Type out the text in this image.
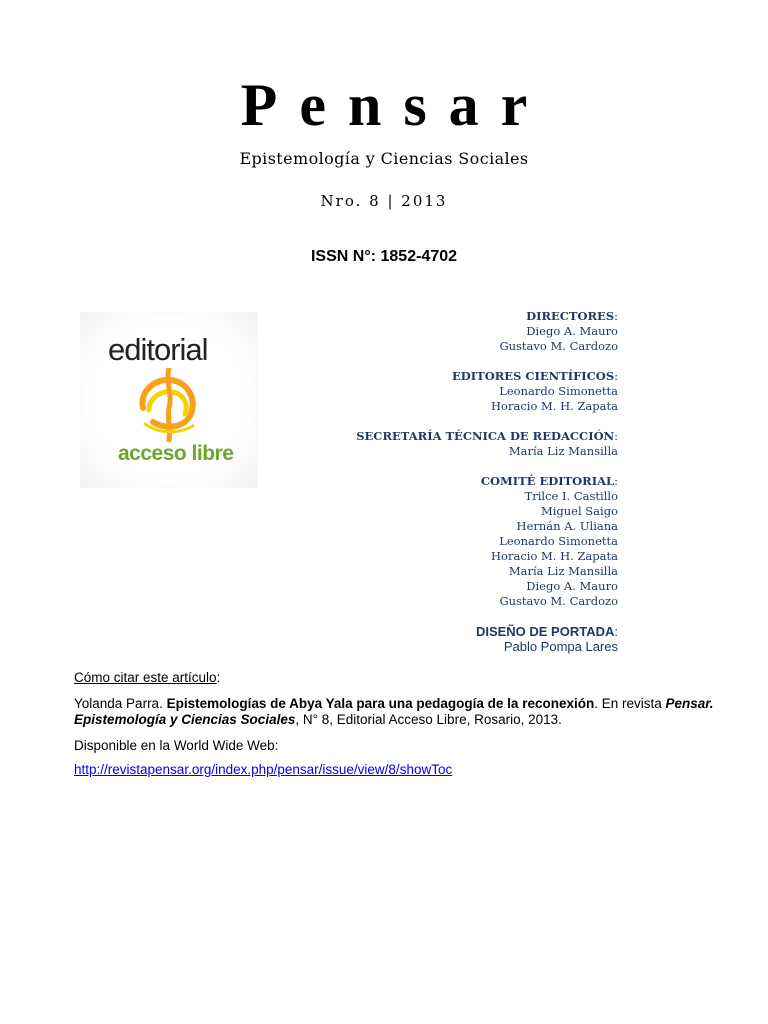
Pensar
Epistemología y Ciencias Sociales
Nro. 8 | 2013
ISSN N°: 1852-4702
editorial
acceso libre
DIRECTORES:
Diego A. Mauro
Gustavo M. Cardozo
EDITORES CIENTÍFICOS:
Leonardo Simonetta
Horacio M. H. Zapata
SECRETARÍA TÉCNICA DE REDACCIÓN:
María Liz Mansilla
COMITÉ EDITORIAL:
Trilce I. Castillo
Miguel Saigo
Hernán A. Uliana
Leonardo Simonetta
Horacio M. H. Zapata
María Liz Mansilla
Diego A. Mauro
Gustavo M. Cardozo
DISEÑO DE PORTADA:
Pablo Pompa Lares
Cómo citar este artículo:
Yolanda Parra. Epistemologías de Abya Yala para una pedagogía de la reconexión. En revista Pensar. Epistemología y Ciencias Sociales, N° 8, Editorial Acceso Libre, Rosario, 2013.
Disponible en la World Wide Web:
http://revistapensar.org/index.php/pensar/issue/view/8/showToc
